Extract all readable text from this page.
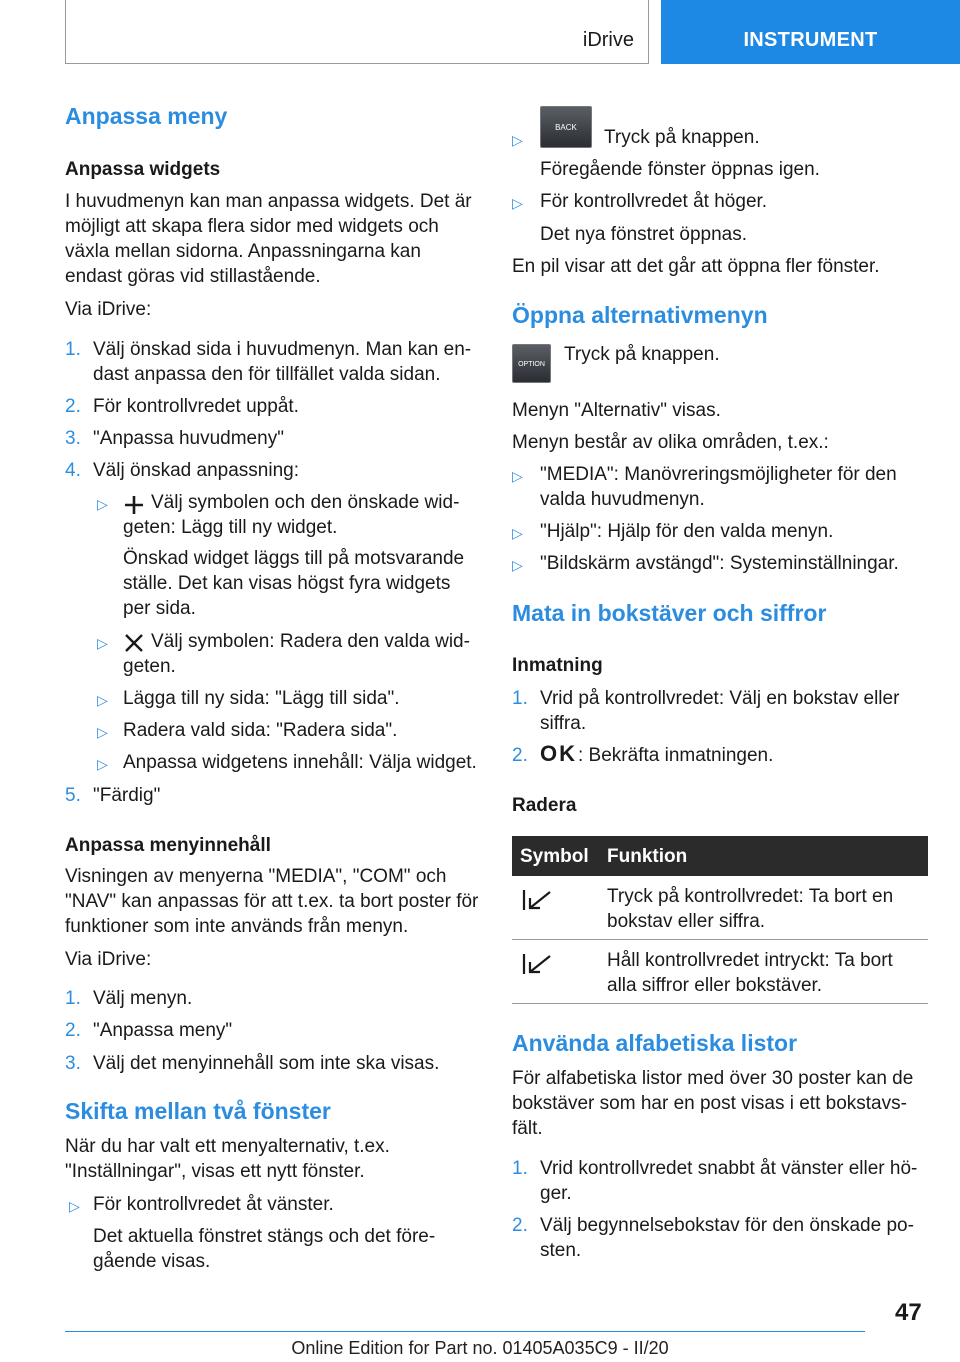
iDrive	INSTRUMENT
Anpassa meny
Anpassa widgets
I huvudmenyn kan man anpassa widgets. Det är möjligt att skapa flera sidor med widgets och växla mellan sidorna. Anpassningarna kan endast göras vid stillastående.
Via iDrive:
1. Välj önskad sida i huvudmenyn. Man kan en-dast anpassa den för tillfället valda sidan.
2. För kontrollvredet uppåt.
3. "Anpassa huvudmeny"
4. Välj önskad anpassning:
▷	Välj symbolen och den önskade wid-geten: Lägg till ny widget.
Önskad widget läggs till på motsvarande ställe. Det kan visas högst fyra widgets per sida.
▷	Välj symbolen: Radera den valda wid-geten.
▷ Lägga till ny sida: "Lägg till sida".
▷ Radera vald sida: "Radera sida".
▷ Anpassa widgetens innehåll: Välja widget.
5. "Färdig"
Anpassa menyinnehåll
Visningen av menyerna "MEDIA", "COM" och "NAV" kan anpassas för att t.ex. ta bort poster för funktioner som inte används från menyn.
Via iDrive:
1. Välj menyn.
2. "Anpassa meny"
3. Välj det menyinnehåll som inte ska visas.
Skifta mellan två fönster
När du har valt ett menyalternativ, t.ex. "Inställningar", visas ett nytt fönster.
▷ För kontrollvredet åt vänster.
Det aktuella fönstret stängs och det före-gående visas.
▷
BACK	Tryck på knappen.
Föregående fönster öppnas igen.
▷ För kontrollvredet åt höger.
Det nya fönstret öppnas.
En pil visar att det går att öppna fler fönster.
Öppna alternativmenyn
OPTION	Tryck på knappen.
Menyn "Alternativ" visas.
Menyn består av olika områden, t.ex.:
▷ "MEDIA": Manövreringsmöjligheter för den valda huvudmenyn.
▷ "Hjälp": Hjälp för den valda menyn.
▷ "Bildskärm avstängd": Systeminställningar.
Mata in bokstäver och siffror
Inmatning
1. Vrid på kontrollvredet: Välj en bokstav eller siffra.
2. OK : Bekräfta inmatningen.
Radera
Symbol Funktion
Tryck på kontrollvredet: Ta bort en bokstav eller siffra.
Håll kontrollvredet intryckt: Ta bort alla siffror eller bokstäver.
Använda alfabetiska listor
För alfabetiska listor med över 30 poster kan de bokstäver som har en post visas i ett bokstavs-fält.
1. Vrid kontrollvredet snabbt åt vänster eller hö-ger.
2. Välj begynnelsebokstav för den önskade po-sten.
47
Online Edition for Part no. 01405A035C9 - II/20
